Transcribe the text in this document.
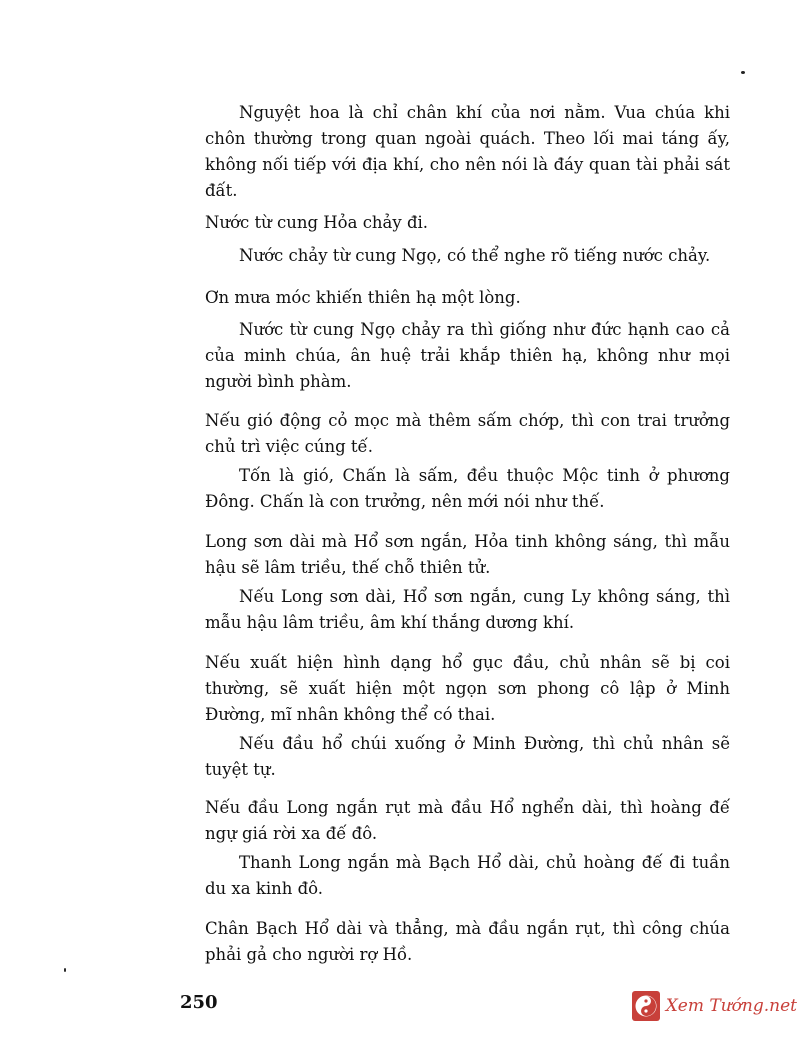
Nguyệt hoa là chỉ chân khí của nơi nằm. Vua chúa khi chôn thường trong quan ngoài quách. Theo lối mai táng ấy, không nối tiếp với địa khí, cho nên nói là đáy quan tài phải sát đất.

Nước từ cung Hỏa chảy đi.

Nước chảy từ cung Ngọ, có thể nghe rõ tiếng nước chảy.

Ơn mưa móc khiến thiên hạ một lòng.

Nước từ cung Ngọ chảy ra thì giống như đức hạnh cao cả của minh chúa, ân huệ trải khắp thiên hạ, không như mọi người bình phàm.

Nếu gió động cỏ mọc mà thêm sấm chớp, thì con trai trưởng chủ trì việc cúng tế.

Tốn là gió, Chấn là sấm, đều thuộc Mộc tinh ở phương Đông. Chấn là con trưởng, nên mới nói như thế.

Long sơn dài mà Hổ sơn ngắn, Hỏa tinh không sáng, thì mẫu hậu sẽ lâm triều, thế chỗ thiên tử.

Nếu Long sơn dài, Hổ sơn ngắn, cung Ly không sáng, thì mẫu hậu lâm triều, âm khí thắng dương khí.

Nếu xuất hiện hình dạng hổ gục đầu, chủ nhân sẽ bị coi thường, sẽ xuất hiện một ngọn sơn phong cô lập ở Minh Đường, mĩ nhân không thể có thai.

Nếu đầu hổ chúi xuống ở Minh Đường, thì chủ nhân sẽ tuyệt tự.

Nếu đầu Long ngắn rụt mà đầu Hổ nghển dài, thì hoàng đế ngự giá rời xa đế đô.

Thanh Long ngắn mà Bạch Hổ dài, chủ hoàng đế đi tuần du xa kinh đô.

Chân Bạch Hổ dài và thẳng, mà đầu ngắn rụt, thì công chúa phải gả cho người rợ Hồ.

250	Xem Tướng.net
